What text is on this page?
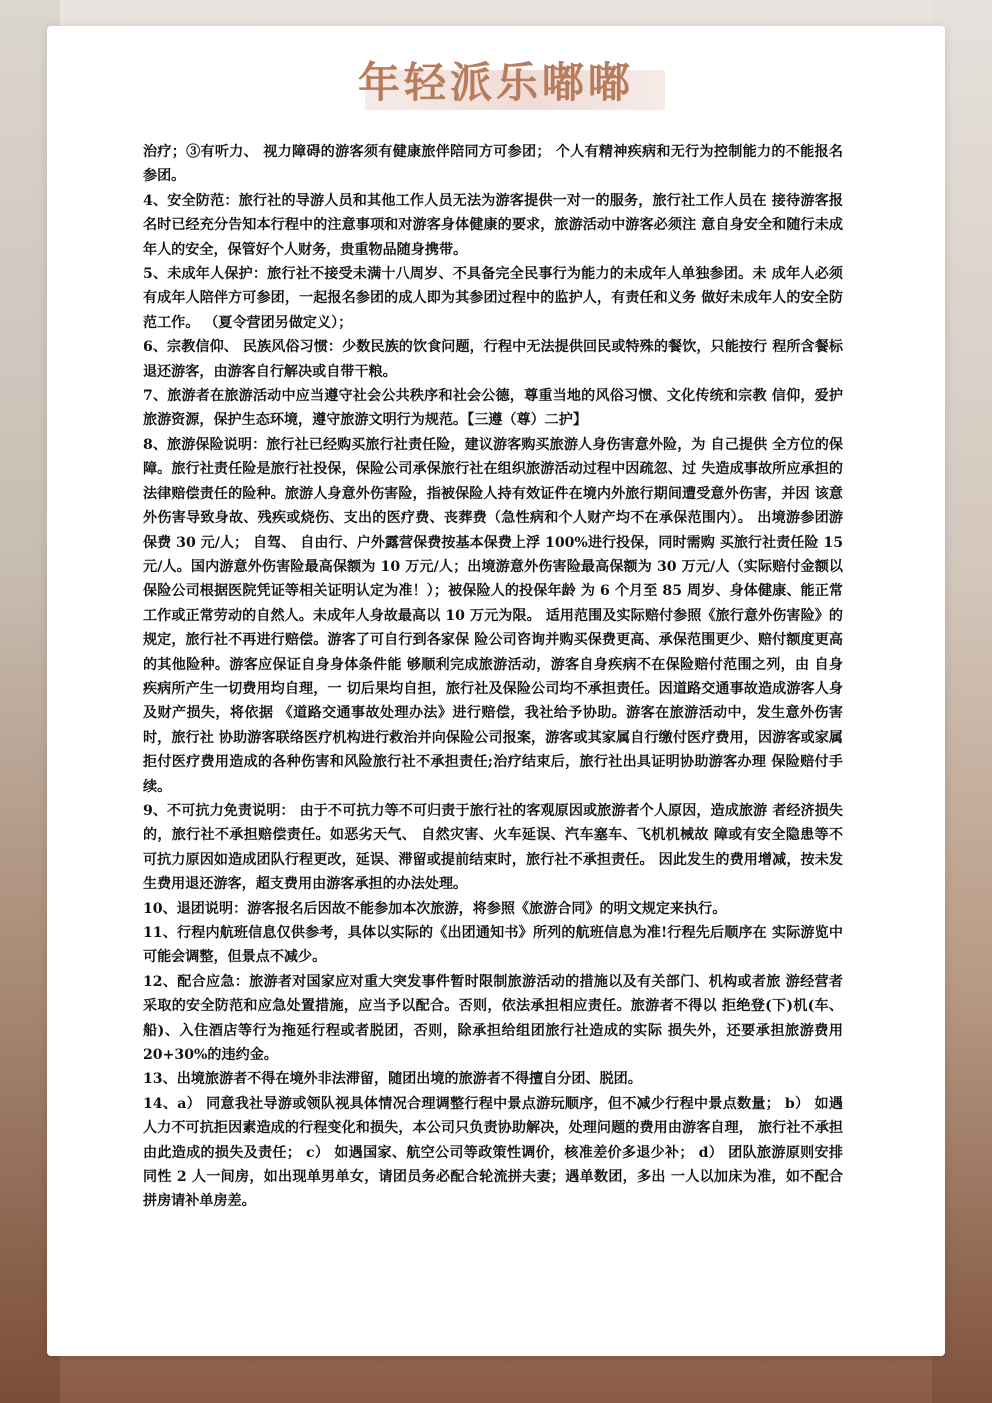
年轻派乐嘟嘟

治疗；③有听力、 视力障碍的游客须有健康旅伴陪同方可参团； 个人有精神疾病和无行为控制能力的不能报名参团。

4、安全防范：旅行社的导游人员和其他工作人员无法为游客提供一对一的服务，旅行社工作人员在 接待游客报名时已经充分告知本行程中的注意事项和对游客身体健康的要求，旅游活动中游客必须注 意自身安全和随行未成年人的安全，保管好个人财务，贵重物品随身携带。

5、未成年人保护：旅行社不接受未满十八周岁、不具备完全民事行为能力的未成年人单独参团。未 成年人必须有成年人陪伴方可参团，一起报名参团的成人即为其参团过程中的监护人，有责任和义务 做好未成年人的安全防范工作。 （夏令营团另做定义）；

6、宗教信仰、 民族风俗习惯：少数民族的饮食问题，行程中无法提供回民或特殊的餐饮，只能按行 程所含餐标退还游客，由游客自行解决或自带干粮。

7、旅游者在旅游活动中应当遵守社会公共秩序和社会公德，尊重当地的风俗习惯、文化传统和宗教 信仰，爱护旅游资源，保护生态环境，遵守旅游文明行为规范。【三遵（尊）二护】

8、旅游保险说明：旅行社已经购买旅行社责任险，建议游客购买旅游人身伤害意外险，为 自己提供 全方位的保障。旅行社责任险是旅行社投保，保险公司承保旅行社在组织旅游活动过程中因疏忽、过 失造成事故所应承担的法律赔偿责任的险种。旅游人身意外伤害险，指被保险人持有效证件在境内外旅行期间遭受意外伤害，并因 该意外伤害导致身故、残疾或烧伤、支出的医疗费、丧葬费（急性病和个人财产均不在承保范围内）。 出境游参团游保费 30 元/人； 自驾、 自由行、户外露营保费按基本保费上浮 100%进行投保，同时需购 买旅行社责任险 15 元/人。国内游意外伤害险最高保额为 10 万元/人；出境游意外伤害险最高保额为 30 万元/人（实际赔付金额以保险公司根据医院凭证等相关证明认定为准！）；被保险人的投保年龄 为 6 个月至 85 周岁、身体健康、能正常工作或正常劳动的自然人。未成年人身故最高以 10 万元为限。 适用范围及实际赔付参照《旅行意外伤害险》的规定，旅行社不再进行赔偿。游客了可自行到各家保 险公司咨询并购买保费更高、承保范围更少、赔付额度更高的其他险种。游客应保证自身身体条件能 够顺利完成旅游活动，游客自身疾病不在保险赔付范围之列，由 自身疾病所产生一切费用均自理，一 切后果均自担，旅行社及保险公司均不承担责任。因道路交通事故造成游客人身及财产损失，将依据 《道路交通事故处理办法》进行赔偿，我社给予协助。游客在旅游活动中，发生意外伤害时，旅行社 协助游客联络医疗机构进行救治并向保险公司报案，游客或其家属自行缴付医疗费用，因游客或家属 拒付医疗费用造成的各种伤害和风险旅行社不承担责任;治疗结束后，旅行社出具证明协助游客办理 保险赔付手续。

9、不可抗力免责说明： 由于不可抗力等不可归责于旅行社的客观原因或旅游者个人原因，造成旅游 者经济损失的，旅行社不承担赔偿责任。如恶劣天气、 自然灾害、火车延误、汽车塞车、飞机机械故 障或有安全隐患等不可抗力原因如造成团队行程更改，延误、滞留或提前结束时，旅行社不承担责任。 因此发生的费用增减，按未发生费用退还游客，超支费用由游客承担的办法处理。

10、退团说明：游客报名后因故不能参加本次旅游，将参照《旅游合同》的明文规定来执行。

11、行程内航班信息仅供参考，具体以实际的《出团通知书》所列的航班信息为准!行程先后顺序在 实际游览中可能会调整，但景点不减少。

12、配合应急：旅游者对国家应对重大突发事件暂时限制旅游活动的措施以及有关部门、机构或者旅 游经营者采取的安全防范和应急处置措施，应当予以配合。否则，依法承担相应责任。旅游者不得以 拒绝登(下)机(车、船)、入住酒店等行为拖延行程或者脱团，否则，除承担给组团旅行社造成的实际 损失外，还要承担旅游费用 20+30%的违约金。

13、出境旅游者不得在境外非法滞留，随团出境的旅游者不得擅自分团、脱团。

14、a） 同意我社导游或领队视具体情况合理调整行程中景点游玩顺序，但不减少行程中景点数量； b） 如遇人力不可抗拒因素造成的行程变化和损失，本公司只负责协助解决，处理问题的费用由游客自理， 旅行社不承担由此造成的损失及责任； c） 如遇国家、航空公司等政策性调价，核准差价多退少补； d） 团队旅游原则安排同性 2 人一间房，如出现单男单女，请团员务必配合轮流拼夫妻；遇单数团，多出 一人以加床为准，如不配合拼房请补单房差。
